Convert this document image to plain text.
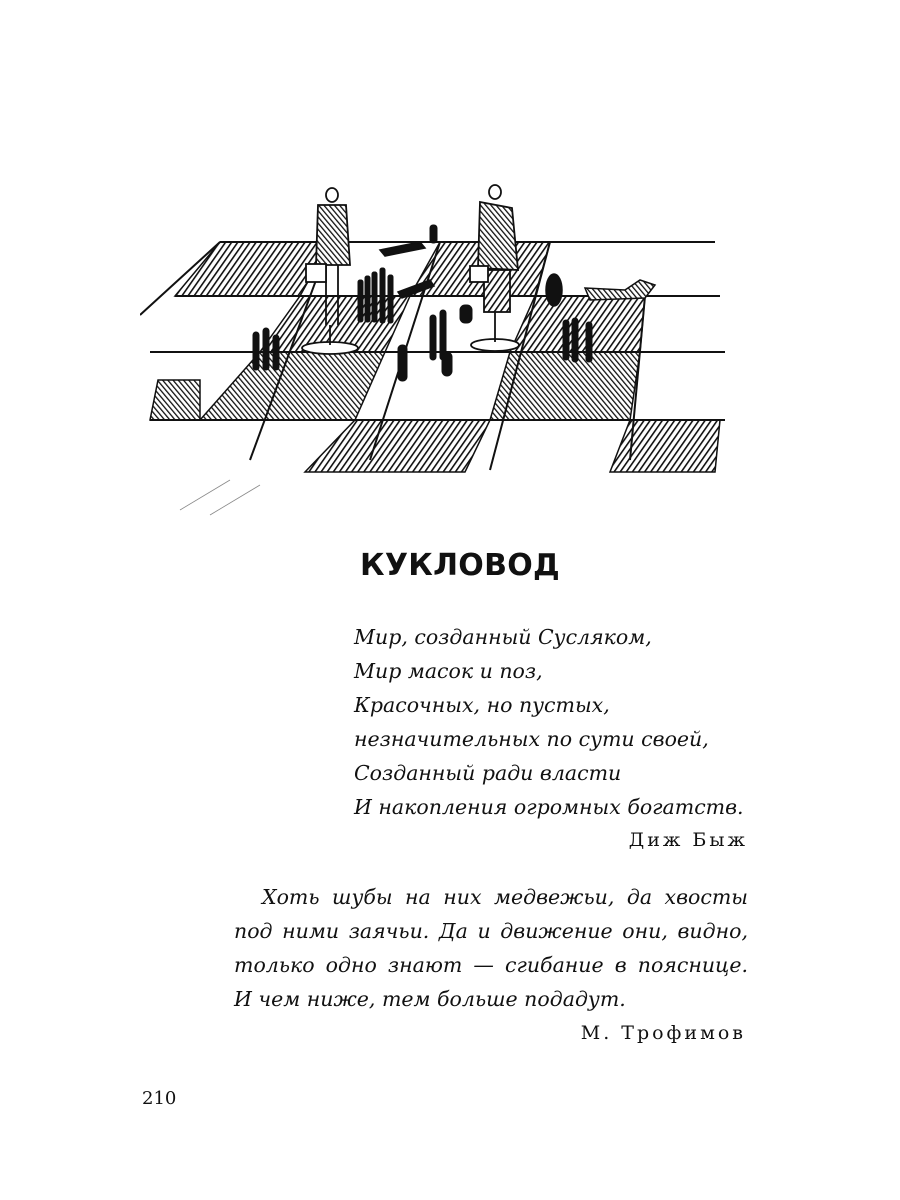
КУКЛОВОД
Мир, созданный Сусляком,
Мир масок и поз,
Красочных, но пустых,
незначительных по сути своей,
Созданный ради власти
И накопления огромных богатств.
Диж Быж
Хоть шубы на них медвежьи, да хвосты
под ними заячьи. Да и движение они, видно,
только одно знают — сгибание в пояснице.
И чем ниже, тем больше подадут.
М. Трофимов
210
